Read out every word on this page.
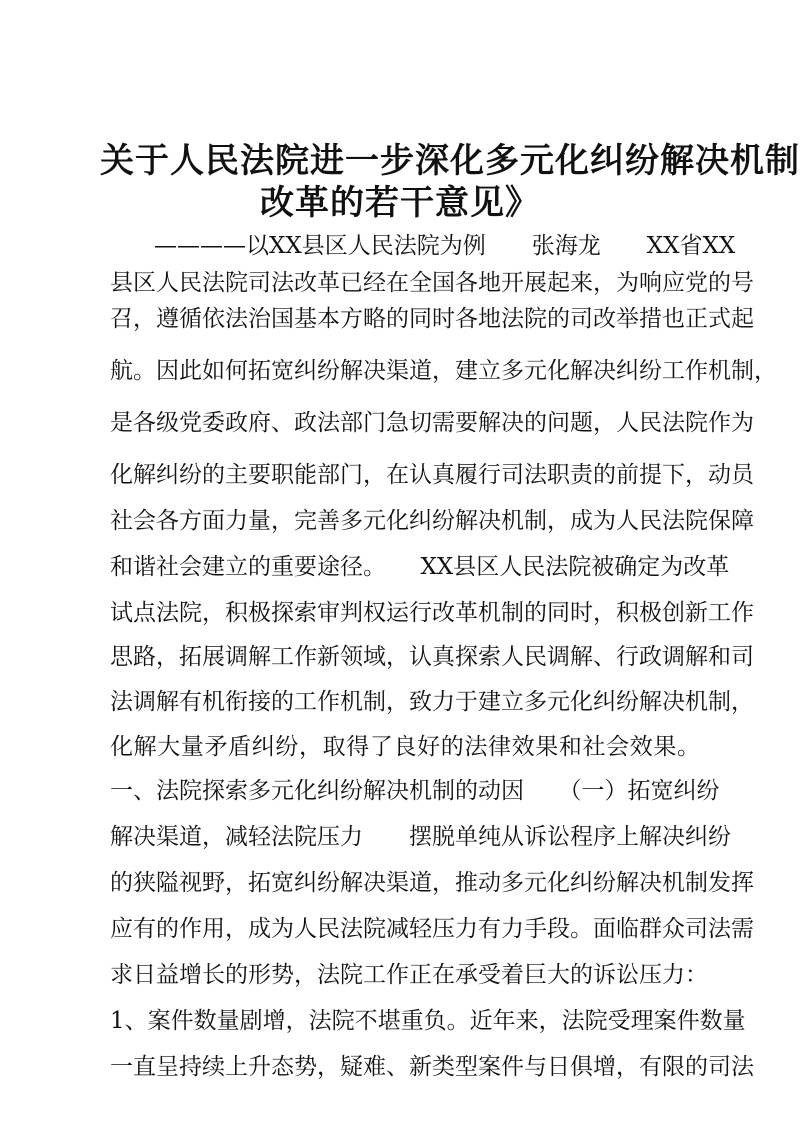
关于人民法院进一步深化多元化纠纷解决机制
改革的若干意见》
————以XX县区人民法院为例　　张海龙　　XX省XX
县区人民法院司法改革已经在全国各地开展起来，为响应党的号
召，遵循依法治国基本方略的同时各地法院的司改举措也正式起
航。因此如何拓宽纠纷解决渠道，建立多元化解决纠纷工作机制，
是各级党委政府、政法部门急切需要解决的问题，人民法院作为
化解纠纷的主要职能部门，在认真履行司法职责的前提下，动员
社会各方面力量，完善多元化纠纷解决机制，成为人民法院保障
和谐社会建立的重要途径。　　XX县区人民法院被确定为改革
试点法院，积极探索审判权运行改革机制的同时，积极创新工作
思路，拓展调解工作新领域，认真探索人民调解、行政调解和司
法调解有机衔接的工作机制，致力于建立多元化纠纷解决机制，
化解大量矛盾纠纷，取得了良好的法律效果和社会效果。
一、法院探索多元化纠纷解决机制的动因　　（一）拓宽纠纷
解决渠道，减轻法院压力　　摆脱单纯从诉讼程序上解决纠纷
的狭隘视野，拓宽纠纷解决渠道，推动多元化纠纷解决机制发挥
应有的作用，成为人民法院减轻压力有力手段。面临群众司法需
求日益增长的形势，法院工作正在承受着巨大的诉讼压力：
1、案件数量剧增，法院不堪重负。近年来，法院受理案件数量
一直呈持续上升态势，疑难、新类型案件与日俱增，有限的司法
